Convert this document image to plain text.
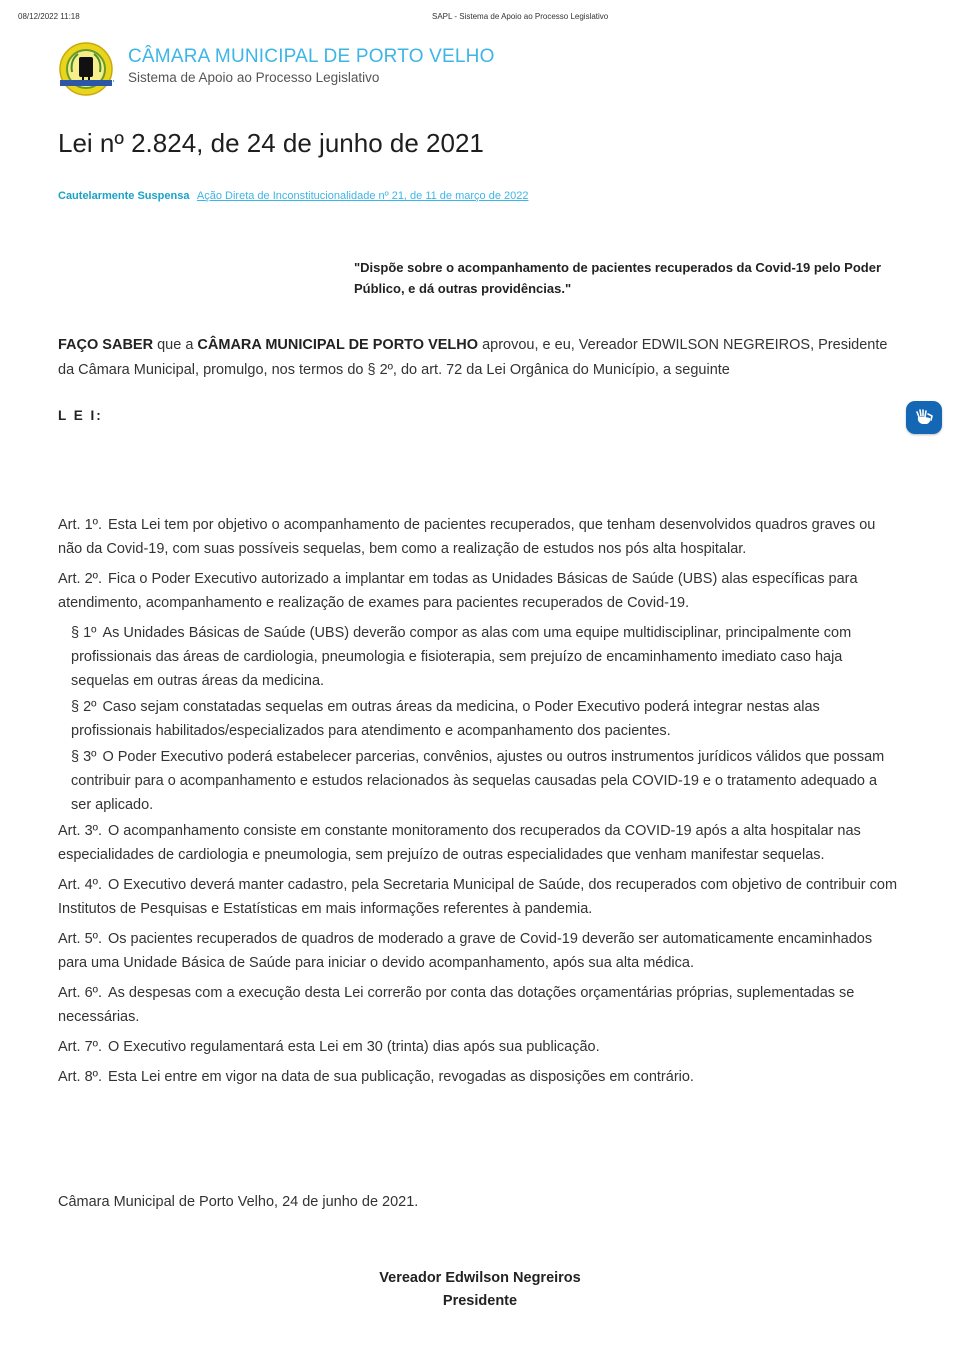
08/12/2022 11:18	SAPL - Sistema de Apoio ao Processo Legislativo
CÂMARA MUNICIPAL DE PORTO VELHO
Sistema de Apoio ao Processo Legislativo
Lei nº 2.824, de 24 de junho de 2021
Cautelarmente Suspensa Ação Direta de Inconstitucionalidade nº 21, de 11 de março de 2022
"Dispõe sobre o acompanhamento de pacientes recuperados da Covid-19 pelo Poder Público, e dá outras providências."
FAÇO SABER que a CÂMARA MUNICIPAL DE PORTO VELHO aprovou, e eu, Vereador EDWILSON NEGREIROS, Presidente da Câmara Municipal, promulgo, nos termos do § 2º, do art. 72 da Lei Orgânica do Município, a seguinte
L E I:

Art. 1º. Esta Lei tem por objetivo o acompanhamento de pacientes recuperados, que tenham desenvolvidos quadros graves ou não da Covid-19, com suas possíveis sequelas, bem como a realização de estudos nos pós alta hospitalar.

Art. 2º. Fica o Poder Executivo autorizado a implantar em todas as Unidades Básicas de Saúde (UBS) alas específicas para atendimento, acompanhamento e realização de exames para pacientes recuperados de Covid-19.

§ 1º As Unidades Básicas de Saúde (UBS) deverão compor as alas com uma equipe multidisciplinar, principalmente com profissionais das áreas de cardiologia, pneumologia e fisioterapia, sem prejuízo de encaminhamento imediato caso haja sequelas em outras áreas da medicina.

§ 2º Caso sejam constatadas sequelas em outras áreas da medicina, o Poder Executivo poderá integrar nestas alas profissionais habilitados/especializados para atendimento e acompanhamento dos pacientes.

§ 3º O Poder Executivo poderá estabelecer parcerias, convênios, ajustes ou outros instrumentos jurídicos válidos que possam contribuir para o acompanhamento e estudos relacionados às sequelas causadas pela COVID-19 e o tratamento adequado a ser aplicado.

Art. 3º. O acompanhamento consiste em constante monitoramento dos recuperados da COVID-19 após a alta hospitalar nas especialidades de cardiologia e pneumologia, sem prejuízo de outras especialidades que venham manifestar sequelas.

Art. 4º. O Executivo deverá manter cadastro, pela Secretaria Municipal de Saúde, dos recuperados com objetivo de contribuir com Institutos de Pesquisas e Estatísticas em mais informações referentes à pandemia.

Art. 5º. Os pacientes recuperados de quadros de moderado a grave de Covid-19 deverão ser automaticamente encaminhados para uma Unidade Básica de Saúde para iniciar o devido acompanhamento, após sua alta médica.

Art. 6º. As despesas com a execução desta Lei correrão por conta das dotações orçamentárias próprias, suplementadas se necessárias.

Art. 7º. O Executivo regulamentará esta Lei em 30 (trinta) dias após sua publicação.

Art. 8º. Esta Lei entre em vigor na data de sua publicação, revogadas as disposições em contrário.

Câmara Municipal de Porto Velho, 24 de junho de 2021.
Vereador Edwilson Negreiros
Presidente
